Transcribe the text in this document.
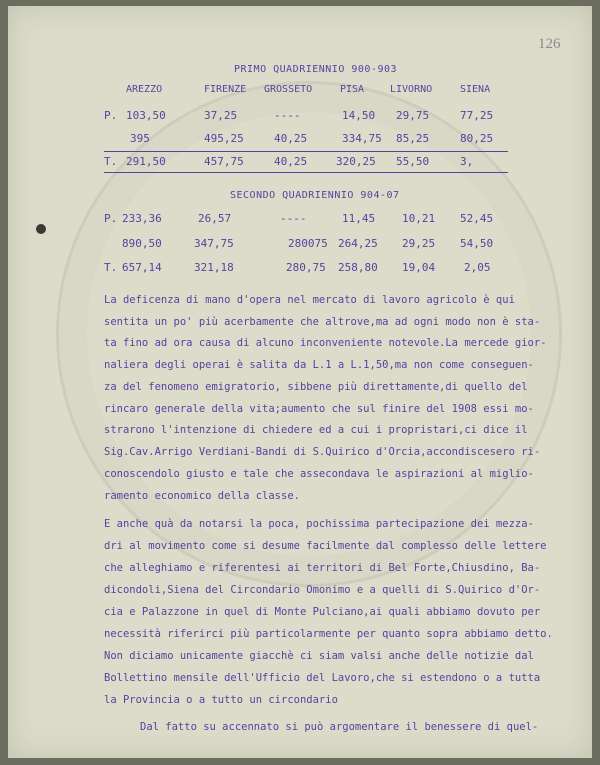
126
PRIMO QUADRIENNIO 900-903
AREZZO	FIRENZE GROSSETO	PISA	LIVORNO	SIENA
P. 103,50	37,25	----	14,50 29,75	77,25
395	495,25	40,25	334,75 85,25	80,25
T. 291,50	457,75	40,25	320,25 55,50	3,
SECONDO QUADRIENNIO 904-07
P. 233,36	26,57	----	11,45 10,21 52,45
890,50	347,75	280075 264,25 29,25 54,50
T. 657,14	321,18	280,75 258,80 19,04	2,05
La deficenza di mano d'opera nel mercato di lavoro agricolo è qui
sentita un po' più acerbamente che altrove,ma ad ogni modo non è sta-
ta fino ad ora causa di alcuno inconveniente notevole.La mercede gior-
naliera degli operai è salita da L.1 a L.1,50,ma non come conseguen-
za del fenomeno emigratorio, sibbene più direttamente,di quello del
rincaro generale della vita;aumento che sul finire del 1908 essi mo-
strarono l'intenzione di chiedere ed a cui i propristari,ci dice il
Sig.Cav.Arrigo Verdiani-Bandi di S.Quirico d'Orcia,accondiscesero ri-
conoscendolo giusto e tale che assecondava le aspirazioni al miglio-
ramento economico della classe.
E anche quà da notarsi la poca, pochissima partecipazione dei mezza-
dri al movimento come si desume facilmente dal complesso delle lettere
che alleghiamo e riferentesi ai territori di Bel Forte,Chiusdino, Ba-
dicondoli,Siena del Circondario Omonimo e a quelli di S.Quirico d'Or-
cia e Palazzone in quel di Monte Pulciano,ai quali abbiamo dovuto per
necessità riferirci più particolarmente per quanto sopra abbiamo detto.
Non diciamo unicamente giacchè ci siam valsi anche delle notizie dal
Bollettino mensile dell'Ufficio del Lavoro,che si estendono o a tutta
la Provincia o a tutto un circondario
Dal fatto su accennato si può argomentare il benessere di quel-
